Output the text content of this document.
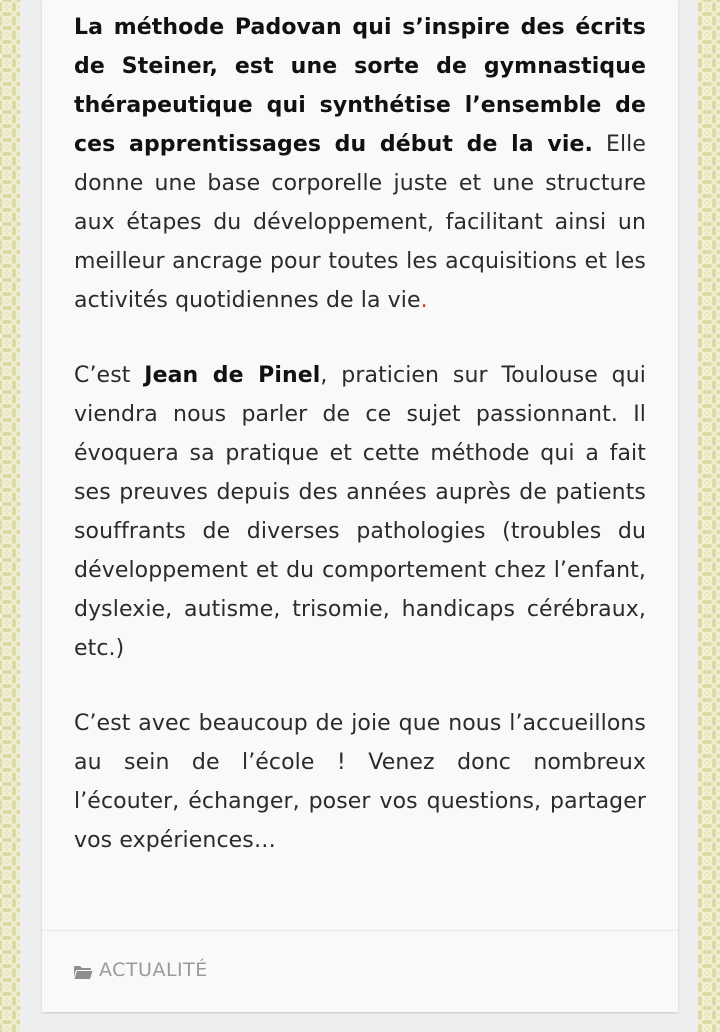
La méthode Padovan qui s’inspire des écrits de Steiner, est une sorte de gymnastique thérapeutique qui synthétise l’ensemble de ces apprentissages du début de la vie. Elle donne une base corporelle juste et une structure aux étapes du développement, facilitant ainsi un meilleur ancrage pour toutes les acquisitions et les activités quotidiennes de la vie.

C’est Jean de Pinel, praticien sur Toulouse qui viendra nous parler de ce sujet passionnant. Il évoquera sa pratique et cette méthode qui a fait ses preuves depuis des années auprès de patients souffrants de diverses pathologies (troubles du développement et du comportement chez l’enfant, dyslexie, autisme, trisomie, handicaps cérébraux, etc.)

C’est avec beaucoup de joie que nous l’accueillons au sein de l’école ! Venez donc nombreux l’écouter, échanger, poser vos questions, partager vos expériences…

ACTUALITÉ
